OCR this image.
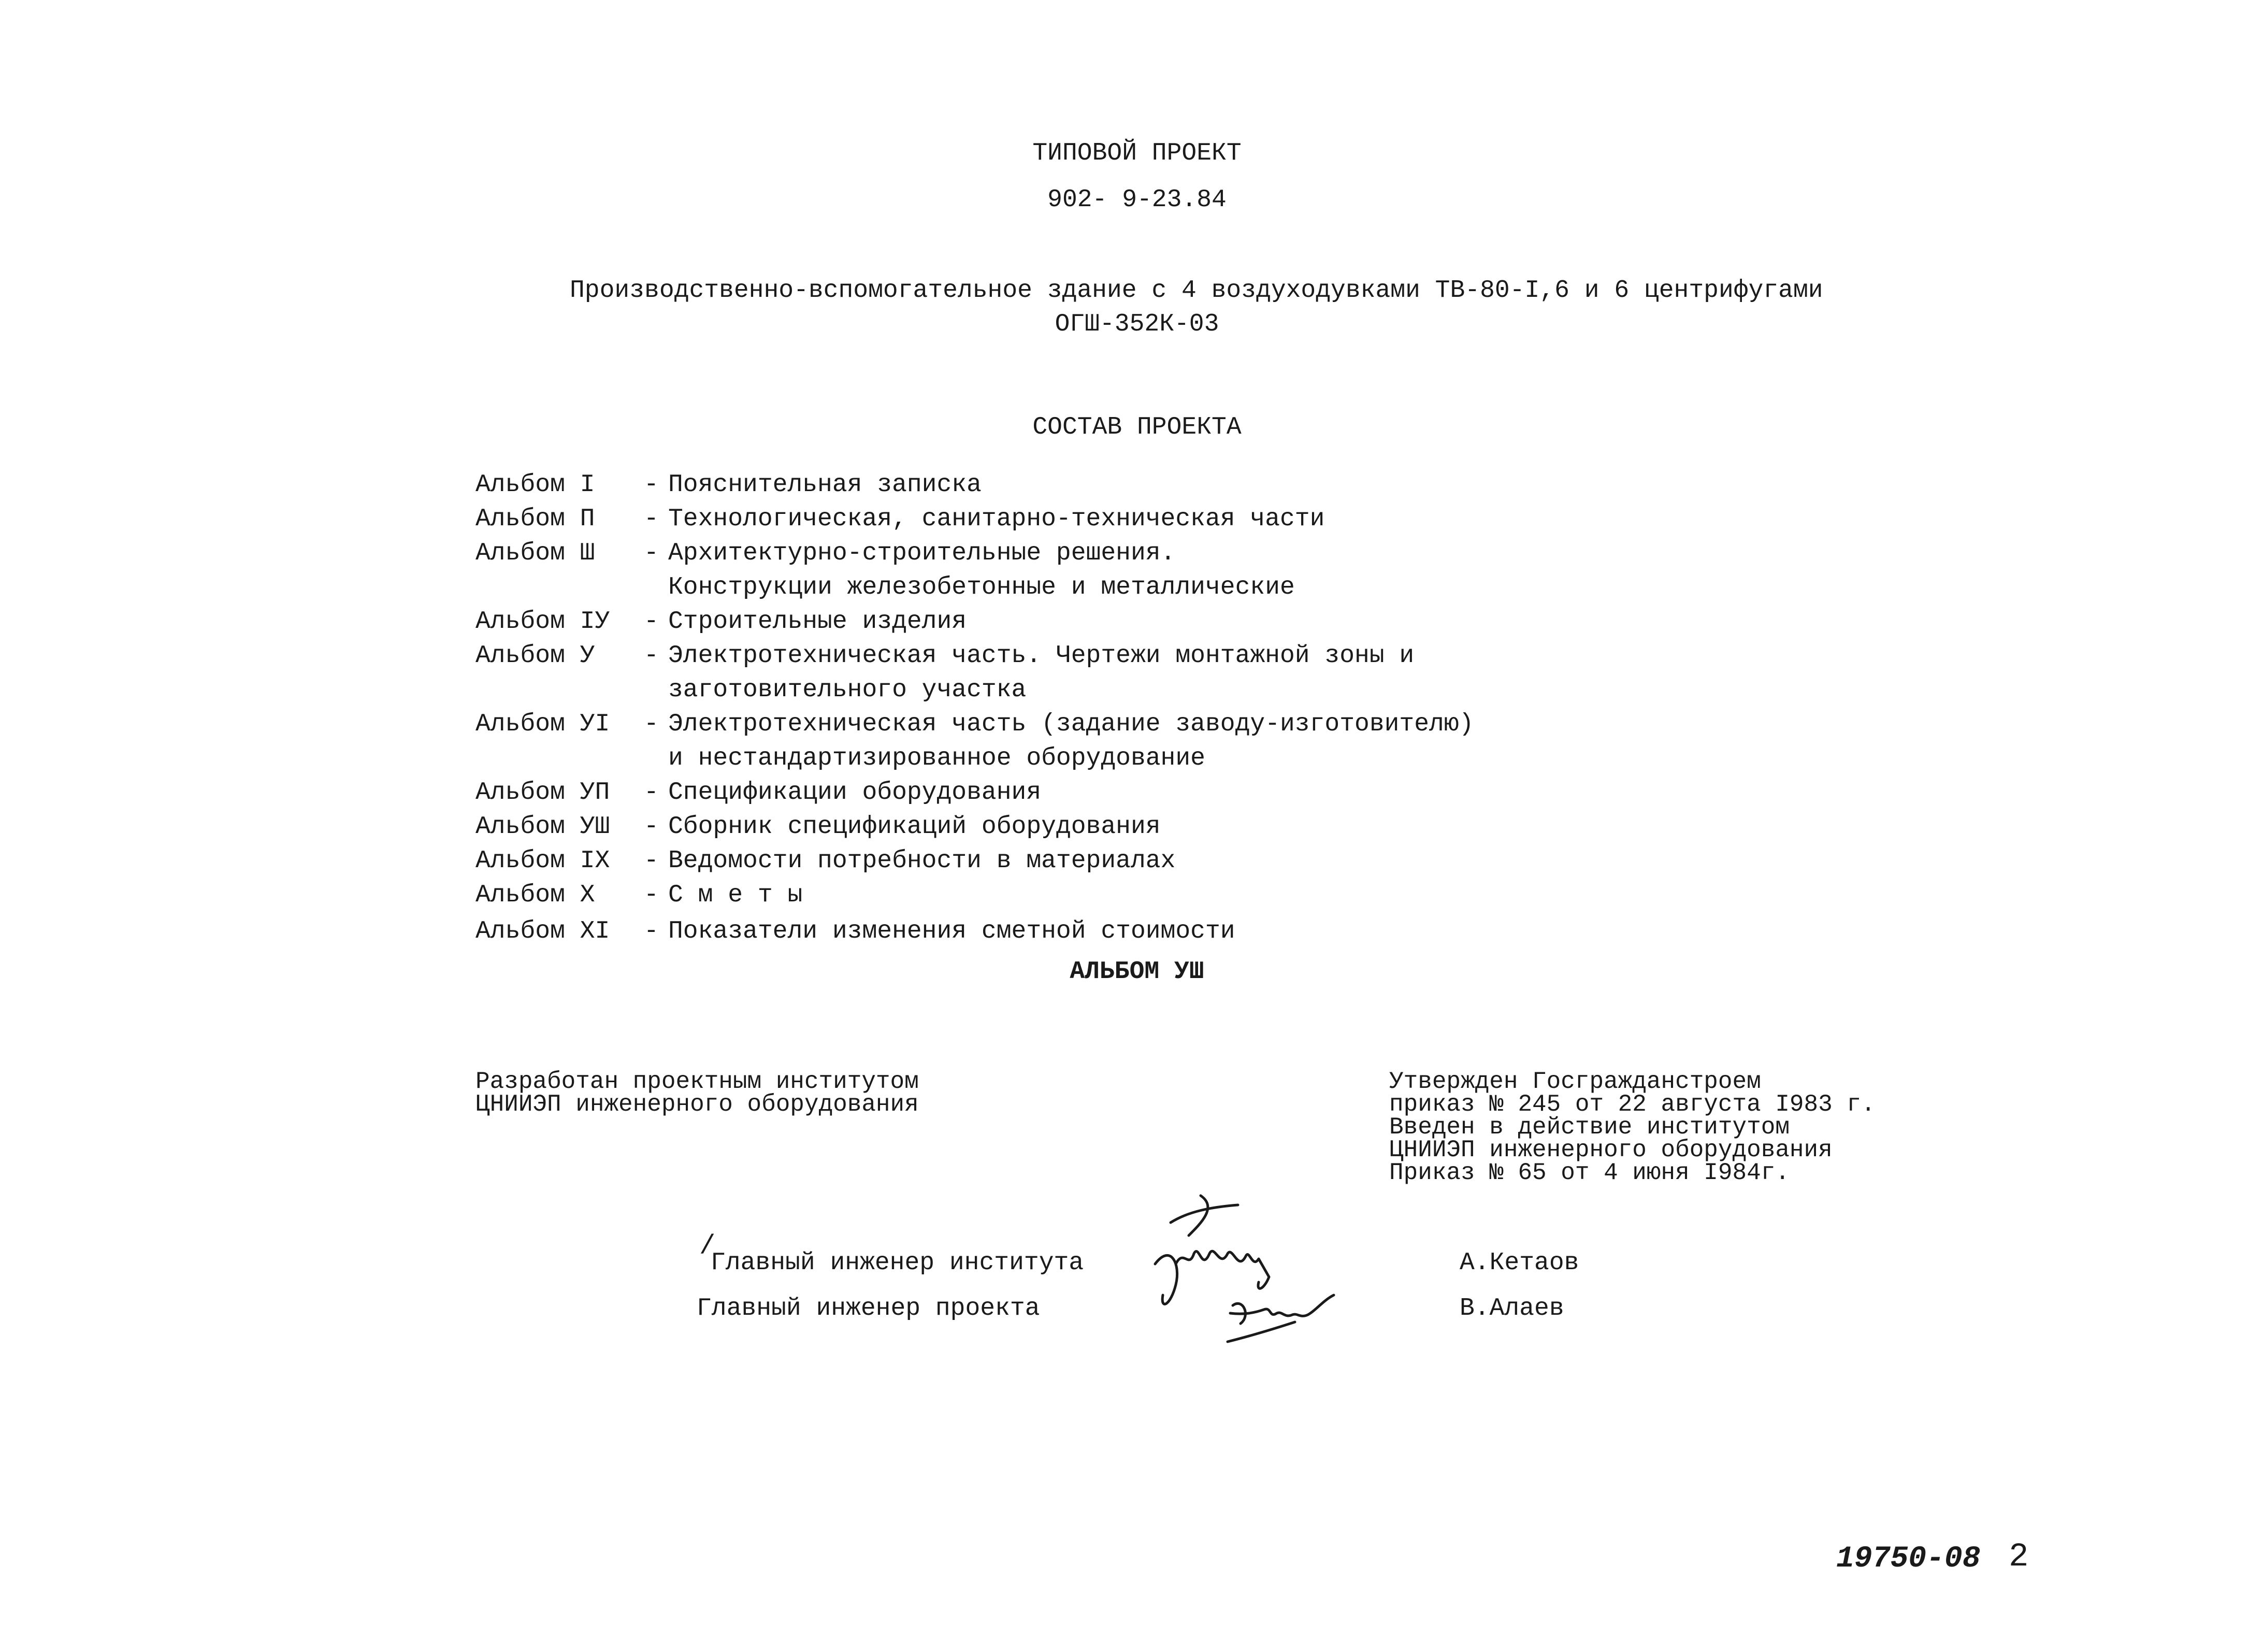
ТИПОВОЙ ПРОЕКТ
902- 9-23.84
Производственно-вспомогательное здание с 4 воздуходувками ТВ-80-I,6 и 6 центрифугами
ОГШ-352К-03
СОСТАВ ПРОЕКТА
Альбом I - Пояснительная записка
Альбом П - Технологическая, санитарно-техническая части
Альбом Ш - Архитектурно-строительные решения.
Конструкции железобетонные и металлические
Альбом IУ - Строительные изделия
Альбом У - Электротехническая часть. Чертежи монтажной зоны и
заготовительного участка
Альбом УI - Электротехническая часть (задание заводу-изготовителю)
и нестандартизированное оборудование
Альбом УП - Спецификации оборудования
Альбом УШ - Сборник спецификаций оборудования
Альбом IX - Ведомости потребности в материалах
Альбом X - С м е т ы
Альбом XI - Показатели изменения сметной стоимости
АЛЬБОМ УШ
Разработан проектным институтом
ЦНИИЭП инженерного оборудования
Утвержден Госгражданстроем
приказ № 245 от 22 августа I983 г.
Введен в действие институтом
ЦНИИЭП инженерного оборудования
Приказ № 65 от 4 июня I984г.
/
Главный инженер института	А.Кетаов
Главный инженер проекта	В.Алаев
19750-08 2
